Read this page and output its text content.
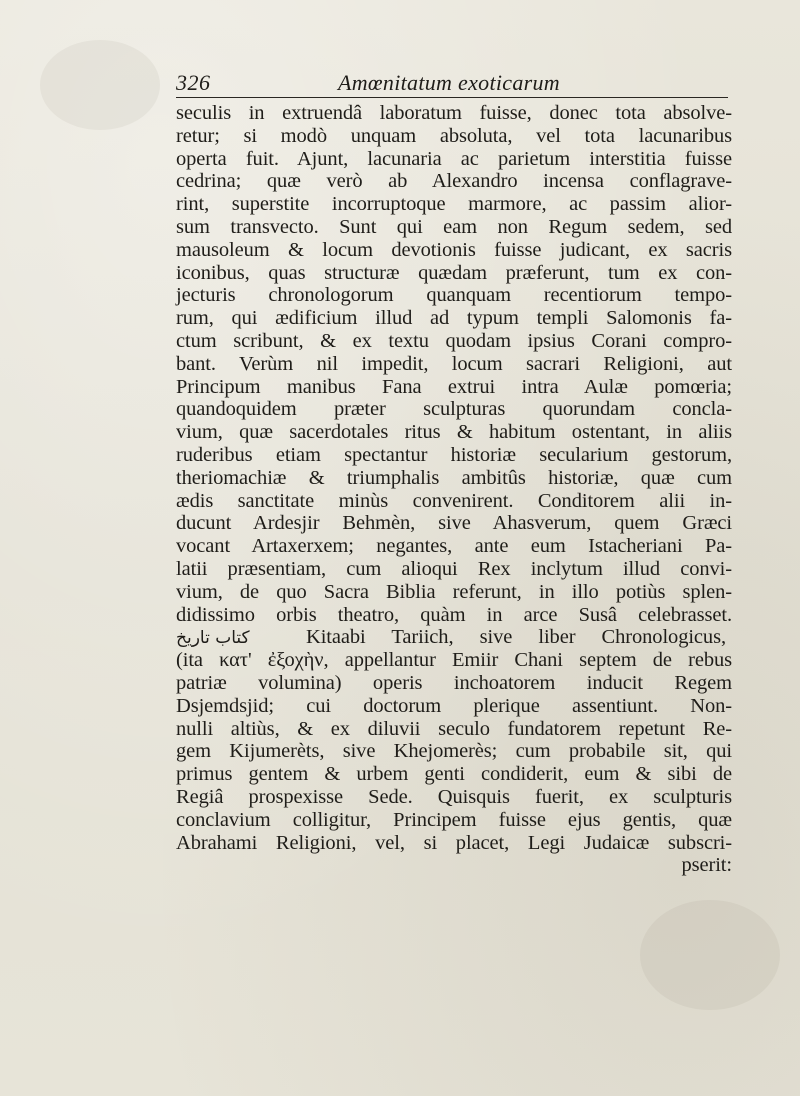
326	Amœnitatum exoticarum
seculis in extruendâ laboratum fuisse, donec tota absolve-
retur; si modò unquam absoluta, vel tota lacunaribus
operta fuit. Ajunt, lacunaria ac parietum interstitia fuisse
cedrina; quæ verò ab Alexandro incensa conflagrave-
rint, superstite incorruptoque marmore, ac passim alior-
sum transvecto. Sunt qui eam non Regum sedem, sed
mausoleum & locum devotionis fuisse judicant, ex sacris
iconibus, quas structuræ quædam præferunt, tum ex con-
jecturis chronologorum quanquam recentiorum tempo-
rum, qui ædificium illud ad typum templi Salomonis fa-
ctum scribunt, & ex textu quodam ipsius Corani compro-
bant. Verùm nil impedit, locum sacrari Religioni, aut
Principum manibus Fana extrui intra Aulæ pomœria;
quandoquidem præter sculpturas quorundam concla-
vium, quæ sacerdotales ritus & habitum ostentant, in aliis
ruderibus etiam spectantur historiæ secularium gestorum,
theriomachiæ & triumphalis ambitûs historiæ, quæ cum
ædis sanctitate minùs convenirent. Conditorem alii in-
ducunt Ardesjir Behmèn, sive Ahasverum, quem Græci
vocant Artaxerxem; negantes, ante eum Istacheriani Pa-
latii præsentiam, cum alioqui Rex inclytum illud convi-
vium, de quo Sacra Biblia referunt, in illo potiùs splen-
didissimo orbis theatro, quàm in arce Susâ celebrasset.
كتاب تاريخ	Kitaabi Tariich, sive liber Chronologicus,
(ita κατ' ἐξοχὴν, appellantur Emiir Chani septem de rebus
patriæ volumina) operis inchoatorem inducit Regem
Dsjemdsjid; cui doctorum plerique assentiunt. Non-
nulli altiùs, & ex diluvii seculo fundatorem repetunt Re-
gem Kijumerèts, sive Khejomerès; cum probabile sit, qui
primus gentem & urbem genti condiderit, eum & sibi de
Regiâ prospexisse Sede. Quisquis fuerit, ex sculpturis
conclavium colligitur, Principem fuisse ejus gentis, quæ
Abrahami Religioni, vel, si placet, Legi Judaicæ subscri-
pserit:
